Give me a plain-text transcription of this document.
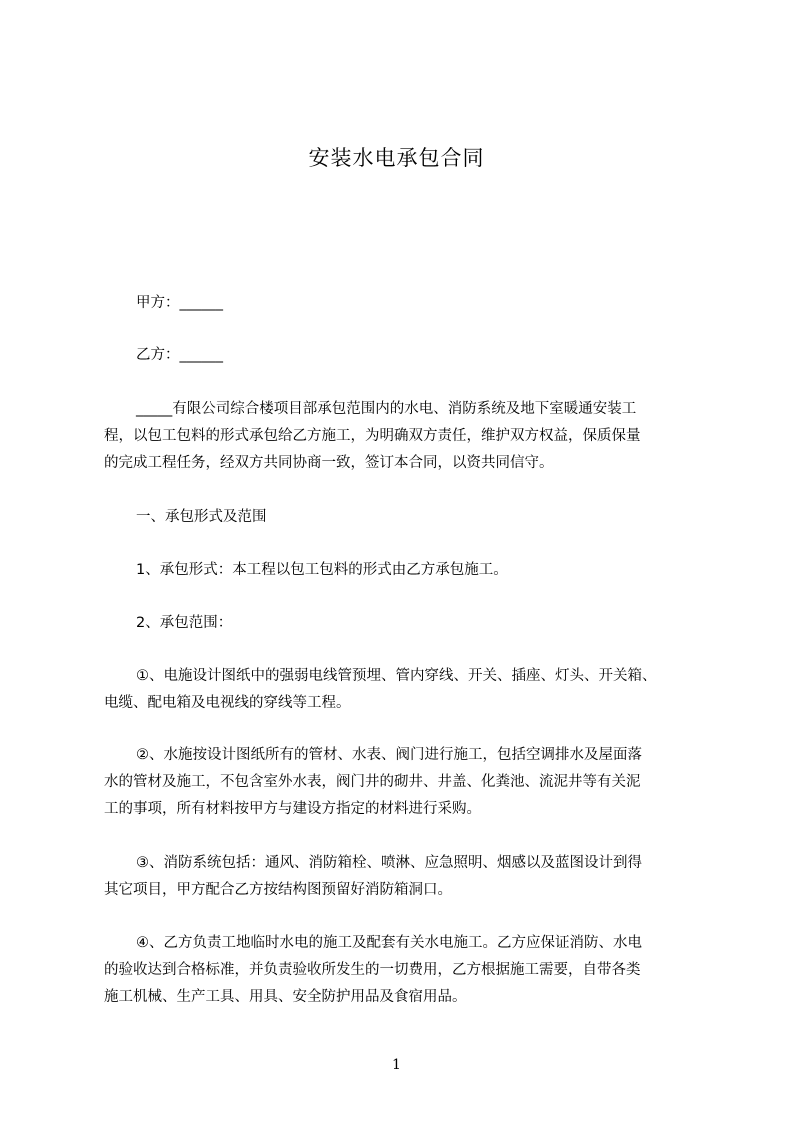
安装水电承包合同
甲方：______
乙方：______
_____有限公司综合楼项目部承包范围内的水电、消防系统及地下室暖通安装工
程，以包工包料的形式承包给乙方施工，为明确双方责任，维护双方权益，保质保量
的完成工程任务，经双方共同协商一致，签订本合同，以资共同信守。
一、承包形式及范围
1、承包形式：本工程以包工包料的形式由乙方承包施工。
2、承包范围：
①、电施设计图纸中的强弱电线管预埋、管内穿线、开关、插座、灯头、开关箱、
电缆、配电箱及电视线的穿线等工程。
②、水施按设计图纸所有的管材、水表、阀门进行施工，包括空调排水及屋面落
水的管材及施工，不包含室外水表，阀门井的砌井、井盖、化粪池、流泥井等有关泥
工的事项，所有材料按甲方与建设方指定的材料进行采购。
③、消防系统包括：通风、消防箱栓、喷淋、应急照明、烟感以及蓝图设计到得
其它项目，甲方配合乙方按结构图预留好消防箱洞口。
④、乙方负责工地临时水电的施工及配套有关水电施工。乙方应保证消防、水电
的验收达到合格标准，并负责验收所发生的一切费用，乙方根据施工需要，自带各类
施工机械、生产工具、用具、安全防护用品及食宿用品。
1
